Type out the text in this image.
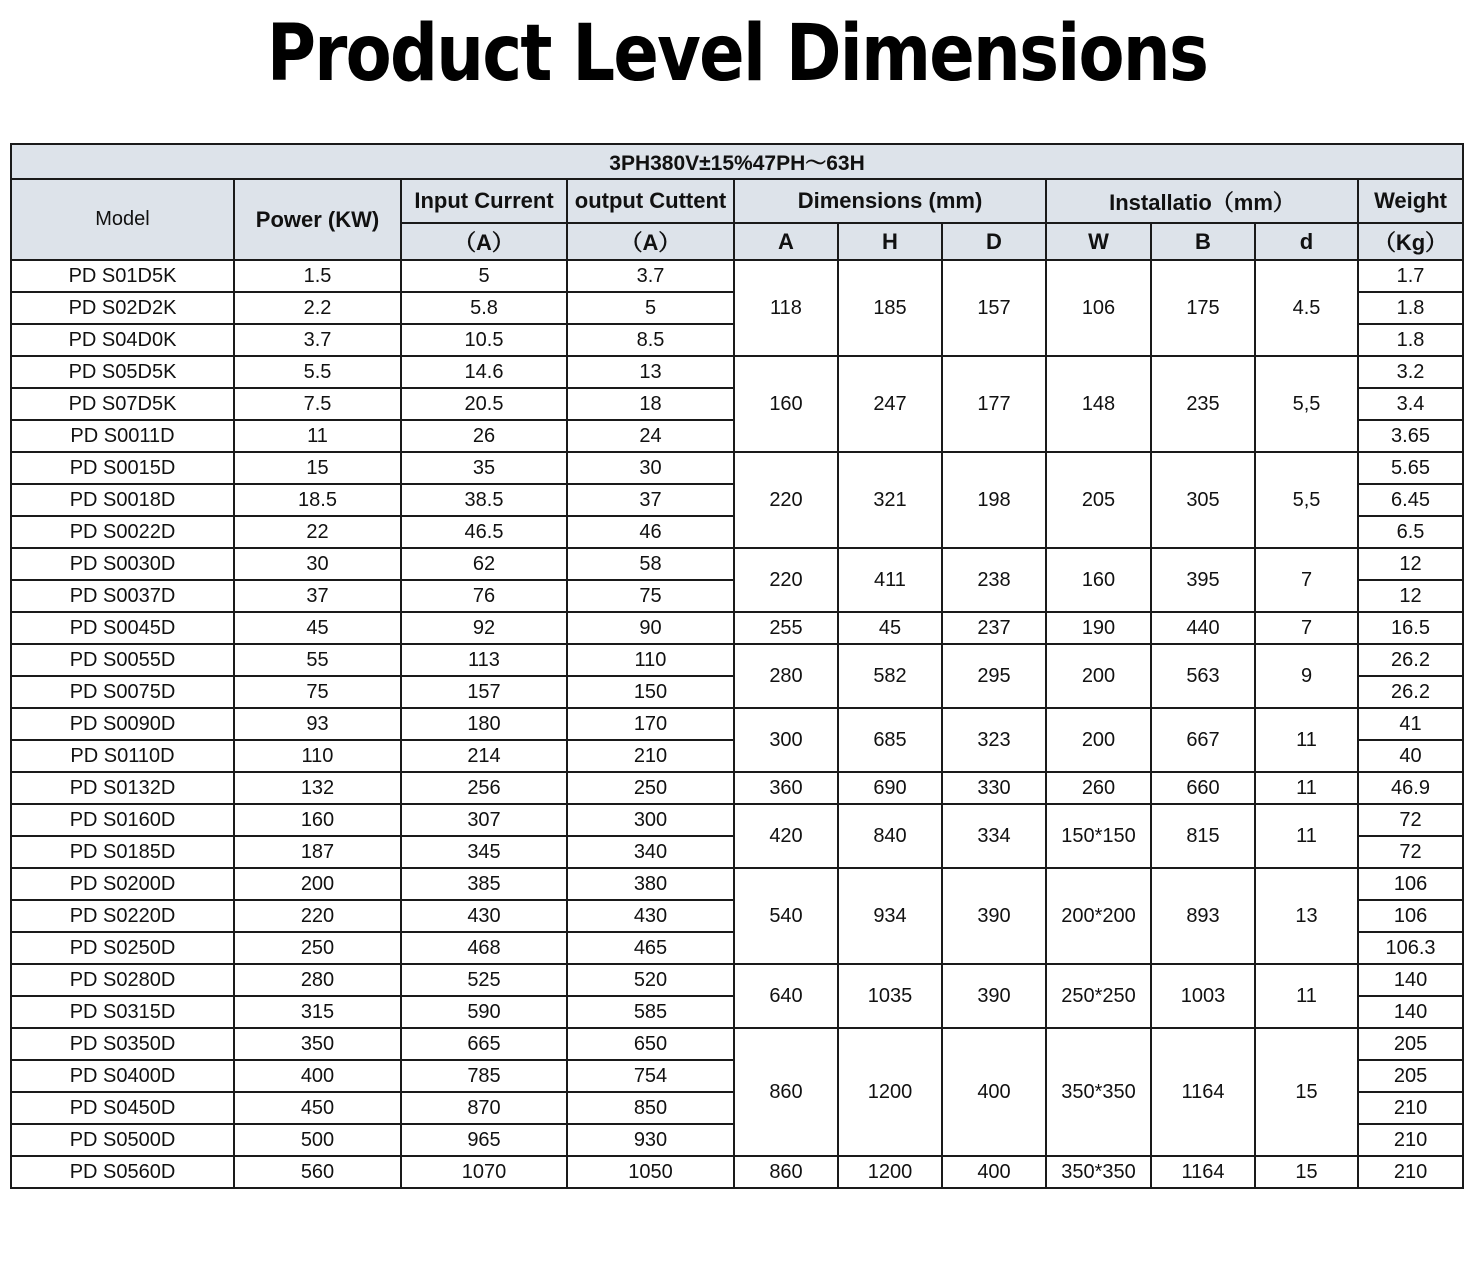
Product Level Dimensions
3PH380V±15%47PH～63H										
Model	Power (KW)	Input Current	output Cuttent	Dimensions (mm)			Installatio（mm）			Weight
		（A）	（A）	A	H	D	W	B	d	（Kg）
PD S01D5K	1.5	5	3.7	118	185	157	106	175	4.5	1.7
PD S02D2K	2.2	5.8	5							1.8
PD S04D0K	3.7	10.5	8.5							1.8
PD S05D5K	5.5	14.6	13	160	247	177	148	235	5,5	3.2
PD S07D5K	7.5	20.5	18							3.4
PD S0011D	11	26	24							3.65
PD S0015D	15	35	30	220	321	198	205	305	5,5	5.65
PD S0018D	18.5	38.5	37							6.45
PD S0022D	22	46.5	46							6.5
PD S0030D	30	62	58	220	411	238	160	395	7	12
PD S0037D	37	76	75							12
PD S0045D	45	92	90	255	45	237	190	440	7	16.5
PD S0055D	55	113	110	280	582	295	200	563	9	26.2
PD S0075D	75	157	150							26.2
PD S0090D	93	180	170	300	685	323	200	667	11	41
PD S0110D	110	214	210							40
PD S0132D	132	256	250	360	690	330	260	660	11	46.9
PD S0160D	160	307	300	420	840	334	150*150	815	11	72
PD S0185D	187	345	340							72
PD S0200D	200	385	380	540	934	390	200*200	893	13	106
PD S0220D	220	430	430							106
PD S0250D	250	468	465							106.3
PD S0280D	280	525	520	640	1035	390	250*250	1003	11	140
PD S0315D	315	590	585							140
PD S0350D	350	665	650	860	1200	400	350*350	1164	15	205
PD S0400D	400	785	754							205
PD S0450D	450	870	850							210
PD S0500D	500	965	930							210
PD S0560D	560	1070	1050	860	1200	400	350*350	1164	15	210
